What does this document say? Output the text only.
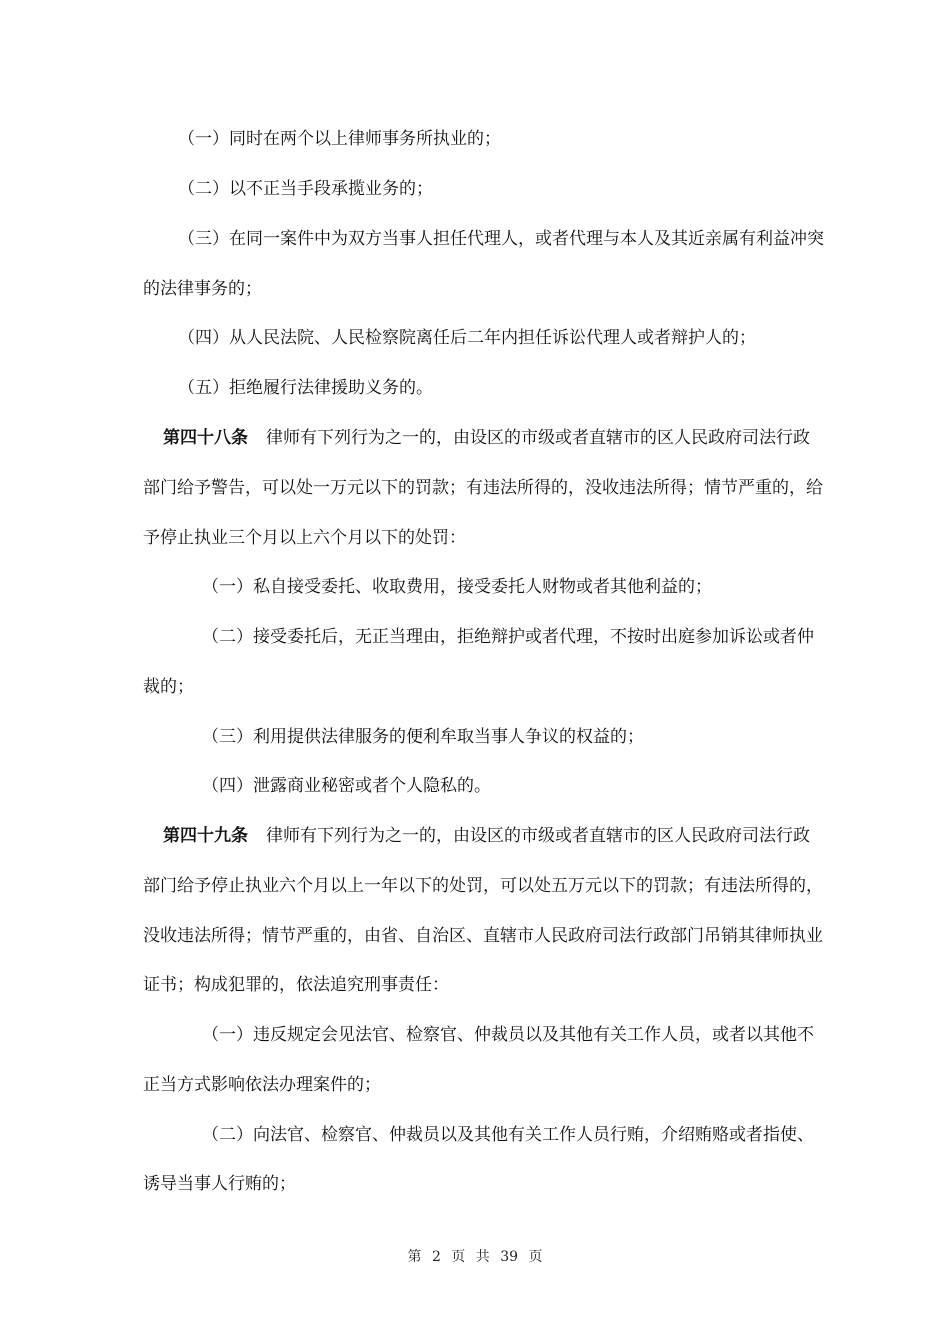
（一）同时在两个以上律师事务所执业的；
（二）以不正当手段承揽业务的；
（三）在同一案件中为双方当事人担任代理人，或者代理与本人及其近亲属有利益冲突
的法律事务的；
（四）从人民法院、人民检察院离任后二年内担任诉讼代理人或者辩护人的；
（五）拒绝履行法律援助义务的。
第四十八条 律师有下列行为之一的，由设区的市级或者直辖市的区人民政府司法行政
部门给予警告，可以处一万元以下的罚款；有违法所得的，没收违法所得；情节严重的，给
予停止执业三个月以上六个月以下的处罚：
（一）私自接受委托、收取费用，接受委托人财物或者其他利益的；
（二）接受委托后，无正当理由，拒绝辩护或者代理，不按时出庭参加诉讼或者仲
裁的；
（三）利用提供法律服务的便利牟取当事人争议的权益的；
（四）泄露商业秘密或者个人隐私的。
第四十九条 律师有下列行为之一的，由设区的市级或者直辖市的区人民政府司法行政
部门给予停止执业六个月以上一年以下的处罚，可以处五万元以下的罚款；有违法所得的，
没收违法所得；情节严重的，由省、自治区、直辖市人民政府司法行政部门吊销其律师执业
证书；构成犯罪的，依法追究刑事责任：
（一）违反规定会见法官、检察官、仲裁员以及其他有关工作人员，或者以其他不
正当方式影响依法办理案件的；
（二）向法官、检察官、仲裁员以及其他有关工作人员行贿，介绍贿赂或者指使、
诱导当事人行贿的；
第 2 页 共 39 页
